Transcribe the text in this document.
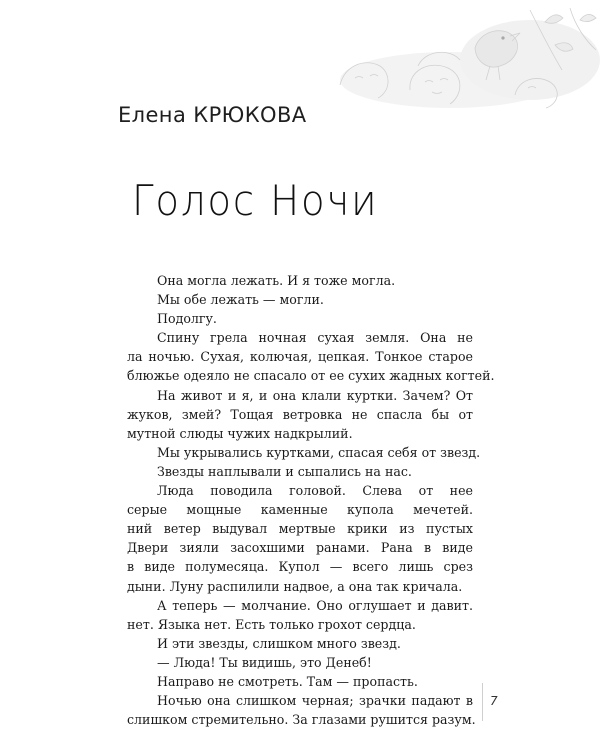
Елена КРЮКОВА
Голос Ночи
Она могла лежать. И я тоже могла.
Мы обе лежать — могли.
Подолгу.
Спину грела ночная сухая земля. Она не
ла ночью. Сухая, колючая, цепкая. Тонкое старое
блюжье одеяло не спасало от ее сухих жадных когтей.
На живот и я, и она клали куртки. Зачем? От
жуков, змей? Тощая ветровка не спасла бы от
мутной слюды чужих надкрылий.
Мы укрывались куртками, спасая себя от звезд.
Звезды наплывали и сыпались на нас.
Люда поводила головой. Слева от нее
серые мощные каменные купола мечетей.
ний ветер выдувал мертвые крики из пустых
Двери зияли засохшими ранами. Рана в виде
в виде полумесяца. Купол — всего лишь срез
дыни. Луну распилили надвое, а она так кричала.
А теперь — молчание. Оно оглушает и давит.
нет. Языка нет. Есть только грохот сердца.
И эти звезды, слишком много звезд.
— Люда! Ты видишь, это Денеб!
Направо не смотреть. Там — пропасть.
Ночью она слишком черная; зрачки падают в
слишком стремительно. За глазами рушится разум.
7
